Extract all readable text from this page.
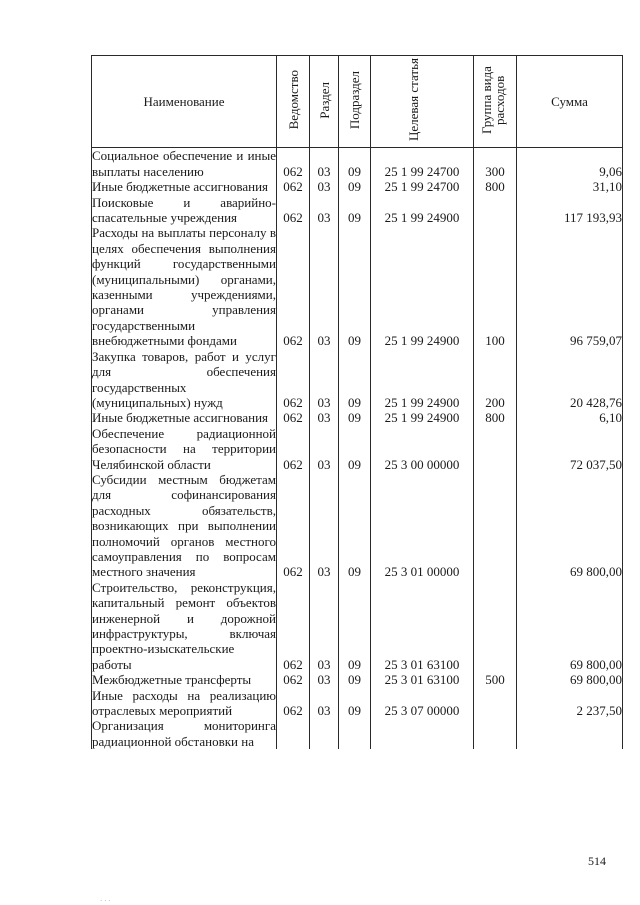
Наименование	Ведомство	Раздел	Подраздел	Целевая статья	Группа вида расходов	Сумма
Социальное обеспечение и иные выплаты населению	062	03	09	25 1 99 24700	300	9,06
Иные бюджетные ассигнования	062	03	09	25 1 99 24700	800	31,10
Поисковые и аварийно-спасательные учреждения	062	03	09	25 1 99 24900		117 193,93
Расходы на выплаты персоналу в целях обеспечения выполнения функций государственными (муниципальными) органами, казенными учреждениями, органами управления государственными внебюджетными фондами	062	03	09	25 1 99 24900	100	96 759,07
Закупка товаров, работ и услуг для обеспечения государственных (муниципальных) нужд	062	03	09	25 1 99 24900	200	20 428,76
Иные бюджетные ассигнования	062	03	09	25 1 99 24900	800	6,10
Обеспечение радиационной безопасности на территории Челябинской области	062	03	09	25 3 00 00000		72 037,50
Субсидии местным бюджетам для софинансирования расходных обязательств, возникающих при выполнении полномочий органов местного самоуправления по вопросам местного значения	062	03	09	25 3 01 00000		69 800,00
Строительство, реконструкция, капитальный ремонт объектов инженерной и дорожной инфраструктуры, включая проектно-изыскательские работы	062	03	09	25 3 01 63100		69 800,00
Межбюджетные трансферты	062	03	09	25 3 01 63100	500	69 800,00
Иные расходы на реализацию отраслевых мероприятий	062	03	09	25 3 07 00000		2 237,50
Организация мониторинга радиационной обстановки на						
514
· · ·
